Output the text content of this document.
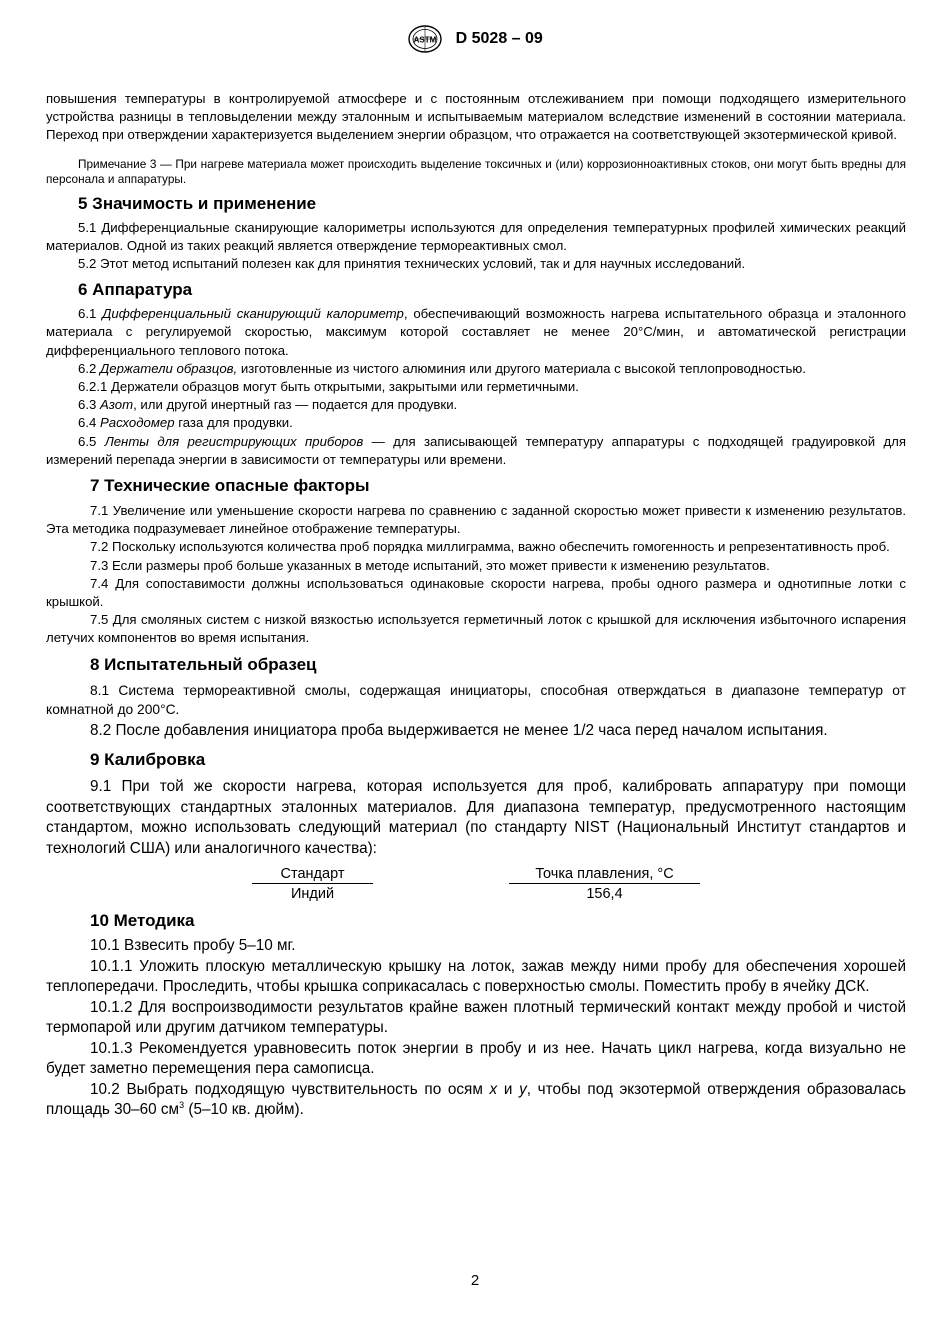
ASTM D 5028 – 09

повышения температуры в контролируемой атмосфере и с постоянным отслеживанием при помощи подходящего измерительного устройства разницы в тепловыделении между эталонным и испытываемым материалом вследствие изменений в состоянии материала. Переход при отверждении характеризуется выделением энергии образцом, что отражается на соответствующей экзотермической кривой.

Примечание 3 — При нагреве материала может происходить выделение токсичных и (или) коррозионноактивных стоков, они могут быть вредны для персонала и аппаратуры.

5 Значимость и применение

5.1 Дифференциальные сканирующие калориметры используются для определения температурных профилей химических реакций материалов. Одной из таких реакций является отверждение термореактивных смол.

5.2 Этот метод испытаний полезен как для принятия технических условий, так и для научных исследований.

6 Аппаратура

6.1 Дифференциальный сканирующий калориметр, обеспечивающий возможность нагрева испытательного образца и эталонного материала с регулируемой скоростью, максимум которой составляет не менее 20°С/мин, и автоматической регистрации дифференциального теплового потока.

6.2 Держатели образцов, изготовленные из чистого алюминия или другого материала с высокой теплопроводностью.

6.2.1 Держатели образцов могут быть открытыми, закрытыми или герметичными.

6.3 Азот, или другой инертный газ — подается для продувки.

6.4 Расходомер газа для продувки.

6.5 Ленты для регистрирующих приборов — для записывающей температуру аппаратуры с подходящей градуировкой для измерений перепада энергии в зависимости от температуры или времени.

7 Технические опасные факторы

7.1 Увеличение или уменьшение скорости нагрева по сравнению с заданной скоростью может привести к изменению результатов. Эта методика подразумевает линейное отображение температуры.

7.2 Поскольку используются количества проб порядка миллиграмма, важно обеспечить гомогенность и репрезентативность проб.

7.3 Если размеры проб больше указанных в методе испытаний, это может привести к изменению результатов.

7.4 Для сопоставимости должны использоваться одинаковые скорости нагрева, пробы одного размера и однотипные лотки с крышкой.

7.5 Для смоляных систем с низкой вязкостью используется герметичный лоток с крышкой для исключения избыточного испарения летучих компонентов во время испытания.

8 Испытательный образец

8.1 Система термореактивной смолы, содержащая инициаторы, способная отверждаться в диапазоне температур от комнатной до 200°С.

8.2 После добавления инициатора проба выдерживается не менее 1/2 часа перед началом испытания.

9 Калибровка

9.1 При той же скорости нагрева, которая используется для проб, калибровать аппаратуру при помощи соответствующих стандартных эталонных материалов. Для диапазона температур, предусмотренного настоящим стандартом, можно использовать следующий материал (по стандарту NIST (Национальный Институт стандартов и технологий США) или аналогичного качества):

Стандарт		Точка плавления, °С
Индий		156,4
10 Методика

10.1 Взвесить пробу 5–10 мг.

10.1.1 Уложить плоскую металлическую крышку на лоток, зажав между ними пробу для обеспечения хорошей теплопередачи. Проследить, чтобы крышка соприкасалась с поверхностью смолы. Поместить пробу в ячейку ДСК.

10.1.2 Для воспроизводимости результатов крайне важен плотный термический контакт между пробой и чистой термопарой или другим датчиком температуры.

10.1.3 Рекомендуется уравновесить поток энергии в пробу и из нее. Начать цикл нагрева, когда визуально не будет заметно перемещения пера самописца.

10.2 Выбрать подходящую чувствительность по осям x и y, чтобы под экзотермой отверждения образовалась площадь 30–60 $см^3$ (5–10 кв. дюйм).

2
